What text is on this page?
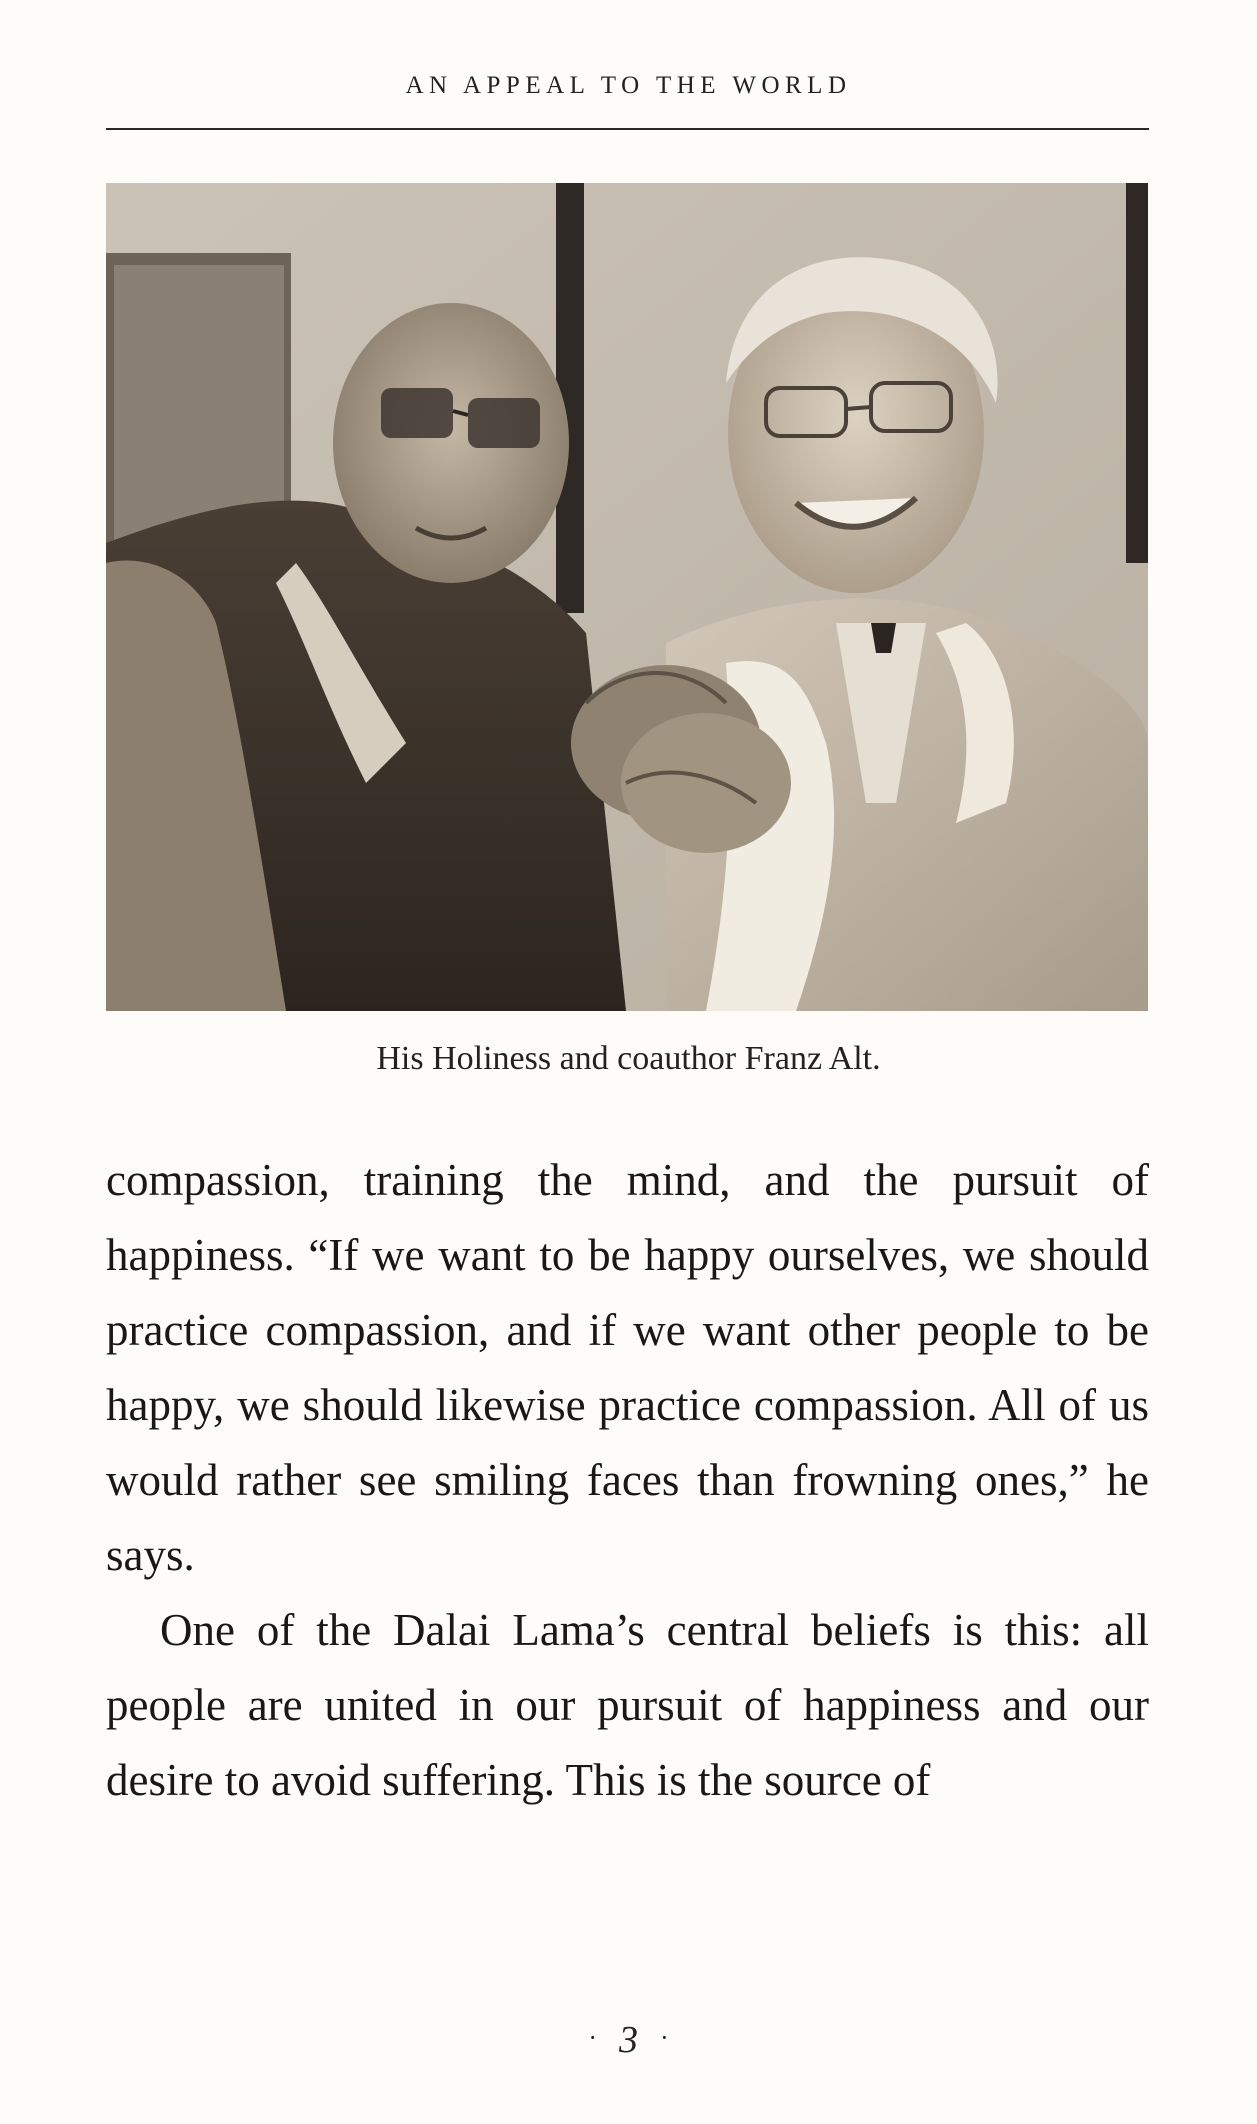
AN APPEAL TO THE WORLD
His Holiness and coauthor Franz Alt.

compassion, training the mind, and the pursuit of happiness. “If we want to be happy ourselves, we should practice compassion, and if we want other people to be happy, we should likewise practice compassion. All of us would rather see smiling faces than frowning ones,” he says.

One of the Dalai Lama’s central beliefs is this: all people are united in our pursuit of happiness and our desire to avoid suffering. This is the source of

· 3 ·
